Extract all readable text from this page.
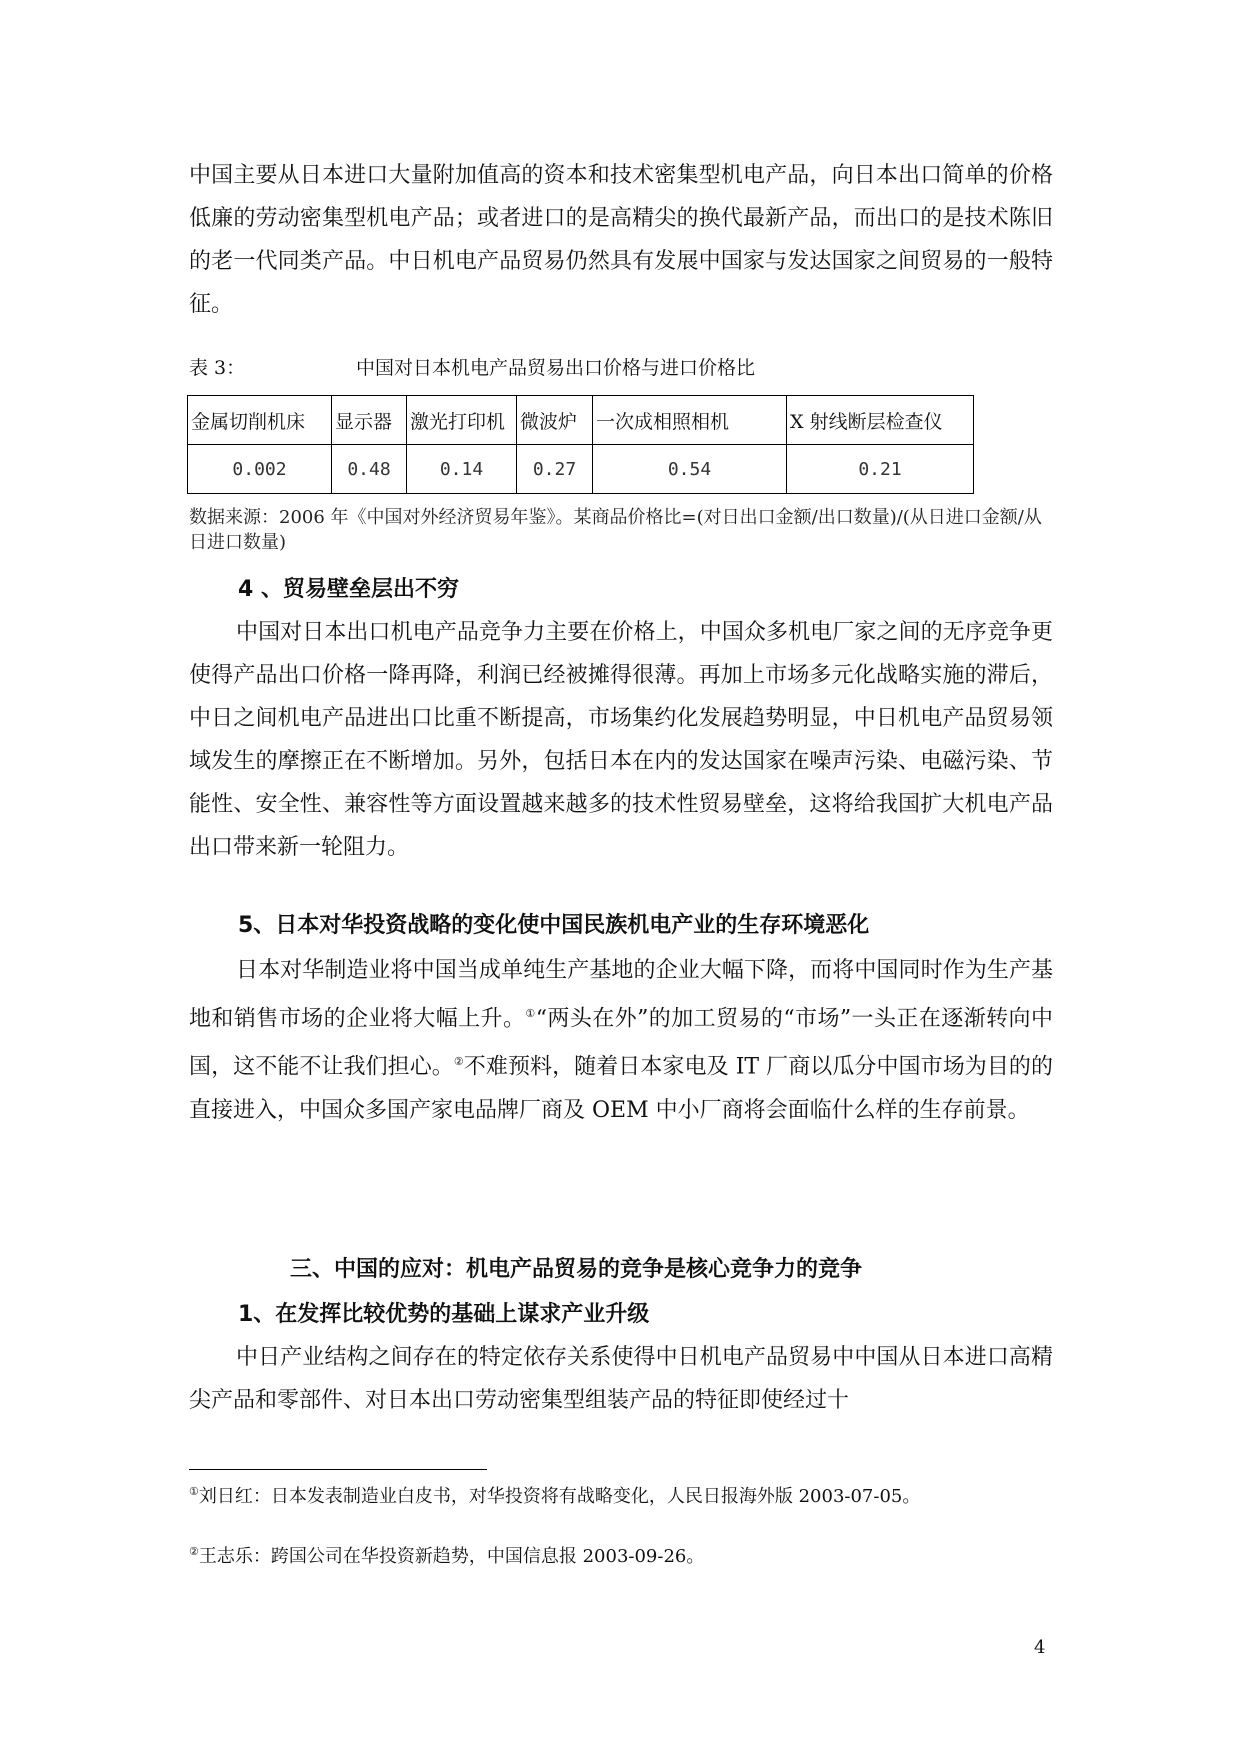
中国主要从日本进口大量附加值高的资本和技术密集型机电产品，向日本出口简单的价格低廉的劳动密集型机电产品；或者进口的是高精尖的换代最新产品，而出口的是技术陈旧的老一代同类产品。中日机电产品贸易仍然具有发展中国家与发达国家之间贸易的一般特征。

表 3：	中国对日本机电产品贸易出口价格与进口价格比
金属切削机床	显示器	激光打印机	微波炉	一次成相照相机	X 射线断层检查仪
0.002	0.48	0.14	0.27	0.54	0.21
数据来源：2006 年《中国对外经济贸易年鉴》。某商品价格比=(对日出口金额/出口数量)/(从日进口金额/从日进口数量)
4 、贸易壁垒层出不穷

中国对日本出口机电产品竞争力主要在价格上，中国众多机电厂家之间的无序竞争更使得产品出口价格一降再降，利润已经被摊得很薄。再加上市场多元化战略实施的滞后，中日之间机电产品进出口比重不断提高，市场集约化发展趋势明显，中日机电产品贸易领域发生的摩擦正在不断增加。另外，包括日本在内的发达国家在噪声污染、电磁污染、节能性、安全性、兼容性等方面设置越来越多的技术性贸易壁垒，这将给我国扩大机电产品出口带来新一轮阻力。

5、日本对华投资战略的变化使中国民族机电产业的生存环境恶化

日本对华制造业将中国当成单纯生产基地的企业大幅下降，而将中国同时作为生产基地和销售市场的企业将大幅上升。①“两头在外”的加工贸易的“市场”一头正在逐渐转向中国，这不能不让我们担心。②不难预料，随着日本家电及 IT 厂商以瓜分中国市场为目的的直接进入，中国众多国产家电品牌厂商及 OEM 中小厂商将会面临什么样的生存前景。

三、中国的应对：机电产品贸易的竞争是核心竞争力的竞争
1、在发挥比较优势的基础上谋求产业升级

中日产业结构之间存在的特定依存关系使得中日机电产品贸易中中国从日本进口高精尖产品和零部件、对日本出口劳动密集型组装产品的特征即使经过十

①刘日红：日本发表制造业白皮书，对华投资将有战略变化，人民日报海外版 2003-07-05。
②王志乐：跨国公司在华投资新趋势，中国信息报 2003-09-26。
4
